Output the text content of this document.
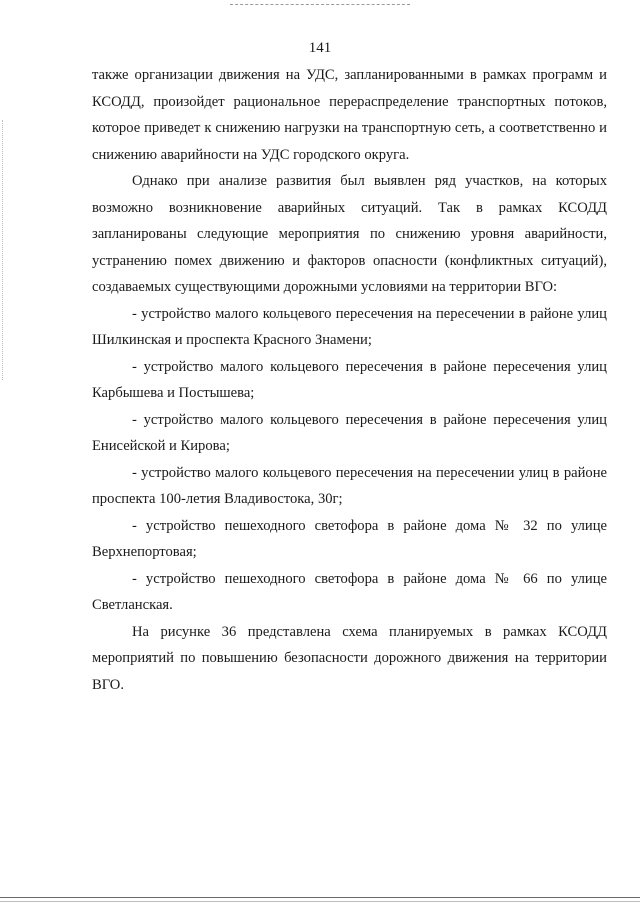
141

также организации движения на УДС, запланированными в рамках программ и КСОДД, произойдет рациональное перераспределение транспортных потоков, которое приведет к снижению нагрузки на транспортную сеть, а соответственно и снижению аварийности на УДС городского округа.

Однако при анализе развития был выявлен ряд участков, на которых возможно возникновение аварийных ситуаций. Так в рамках КСОДД запланированы следующие мероприятия по снижению уровня аварийности, устранению помех движению и факторов опасности (конфликтных ситуаций), создаваемых существующими дорожными условиями на территории ВГО:

- устройство малого кольцевого пересечения на пересечении в районе улиц Шилкинская и проспекта Красного Знамени;

- устройство малого кольцевого пересечения в районе пересечения улиц Карбышева и Постышева;

- устройство малого кольцевого пересечения в районе пересечения улиц Енисейской и Кирова;

- устройство малого кольцевого пересечения на пересечении улиц в районе проспекта 100-летия Владивостока, 30г;

- устройство пешеходного светофора в районе дома № 32 по улице Верхнепортовая;

- устройство пешеходного светофора в районе дома № 66 по улице Светланская.

На рисунке 36 представлена схема планируемых в рамках КСОДД мероприятий по повышению безопасности дорожного движения на территории ВГО.
